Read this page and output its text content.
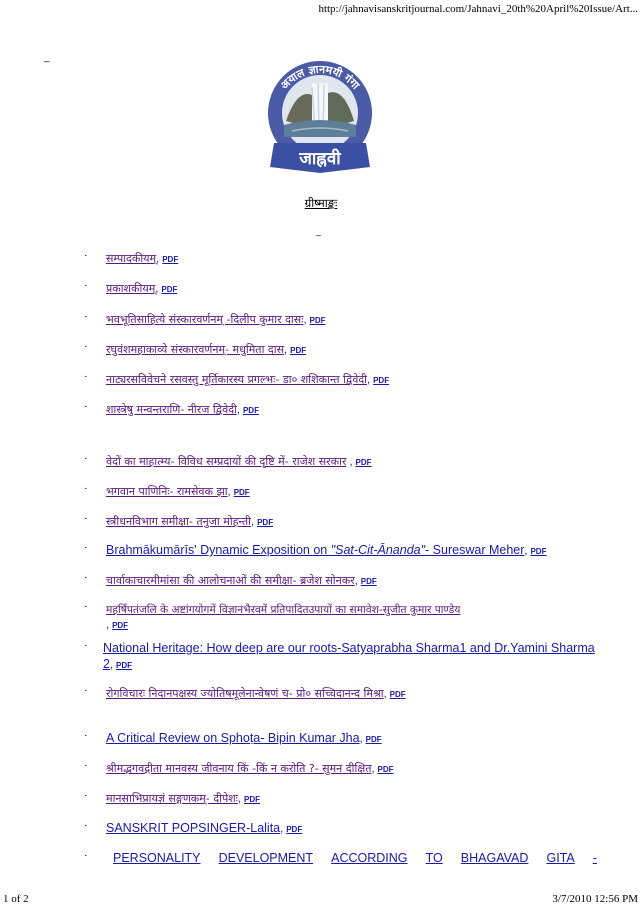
http://jahnavisanskritjournal.com/Jahnavi_20th%20April%20Issue/Art...
_
अयाल ज्ञानमयी गंगा
जाह्नवी
ग्रीष्माङ्कः
_
· सम्पादकीयम्, PDF
· प्रकाशकीयम्, PDF
· भवभूतिसाहित्ये संस्कारवर्णनम् -दिलीप कुमार दासः, PDF
· रघुवंशमहाकाव्ये संस्कारवर्णनम्- मधुमिता दास, PDF
· नाट्यरसविवेचने रसवस्तु मूर्तिकारस्य प्रगल्भः- डा० शशिकान्त द्विवेदी, PDF
· शास्त्रेषु मन्वन्तराणि- नीरज द्विवेदी, PDF
· वेदों का माहात्म्य- विविध सम्प्रदायों की दृष्टि में- राजेश सरकार , PDF
· भगवान पाणिनिः- रामसेवक झा, PDF
· स्त्रीधनविभाग समीक्षा- तनुजा मोहन्ती, PDF
· Brahmākumārīs' Dynamic Exposition on "Sat-Cit-Ānanda"- Sureswar Meher, PDF
· चार्वाकाचारमीमांसा की आलोचनाओं की समीक्षा- ब्रजेश सोनकर, PDF
· महर्षिपतंजलि के अष्टांगयोगमें विज्ञानभैरवमें प्रतिपादितउपायों का समावेश-सुजीत कुमार पाण्डेय
, PDF
· National Heritage: How deep are our roots-Satyaprabha Sharma1 and Dr.Yamini Sharma 2, PDF
· रोगविचारः निदानपक्षस्य ज्योतिषमूलेनान्वेषणं च- प्रो० सच्चिदानन्द मिश्रा, PDF
· A Critical Review on Sphoṭa- Bipin Kumar Jha, PDF
· श्रीमद्भगवद्गीता मानवस्य जीवनाय किं -किं न करोति ?- सुमन दीक्षित, PDF
· मानसाभिप्रायज्ञं सङ्गणकम्- दीपेशः, PDF
· SANSKRIT POPSINGER-Lalita, PDF
· PERSONALITY DEVELOPMENT ACCORDING TO BHAGAVAD GITA -
1 of 2	3/7/2010 12:56 PM
